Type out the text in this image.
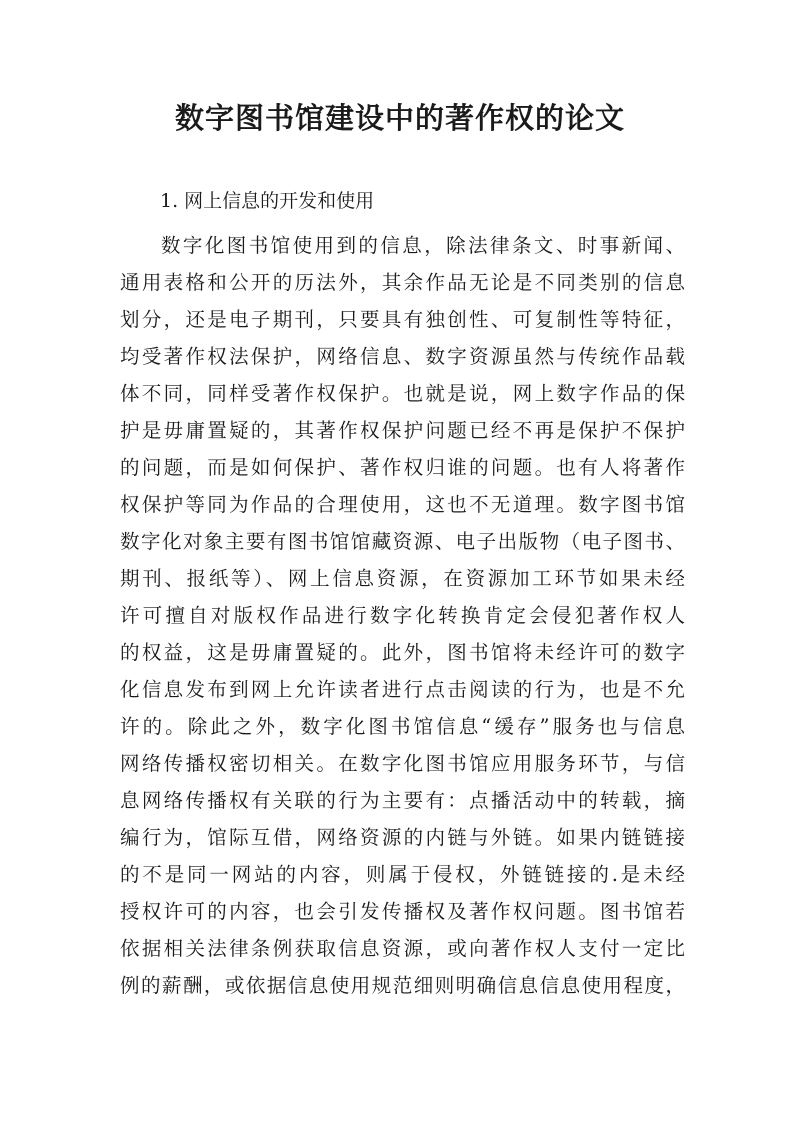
数字图书馆建设中的著作权的论文

1. 网上信息的开发和使用

数字化图书馆使用到的信息，除法律条文、时事新闻、
通用表格和公开的历法外，其余作品无论是不同类别的信息
划分，还是电子期刊，只要具有独创性、可复制性等特征，
均受著作权法保护，网络信息、数字资源虽然与传统作品载
体不同，同样受著作权保护。也就是说，网上数字作品的保
护是毋庸置疑的，其著作权保护问题已经不再是保护不保护
的问题，而是如何保护、著作权归谁的问题。也有人将著作
权保护等同为作品的合理使用，这也不无道理。数字图书馆
数字化对象主要有图书馆馆藏资源、电子出版物（电子图书、
期刊、报纸等）、网上信息资源，在资源加工环节如果未经
许可擅自对版权作品进行数字化转换肯定会侵犯著作权人
的权益，这是毋庸置疑的。此外，图书馆将未经许可的数字
化信息发布到网上允许读者进行点击阅读的行为，也是不允
许的。除此之外，数字化图书馆信息“缓存”服务也与信息
网络传播权密切相关。在数字化图书馆应用服务环节，与信
息网络传播权有关联的行为主要有：点播活动中的转载，摘
编行为，馆际互借，网络资源的内链与外链。如果内链链接
的不是同一网站的内容，则属于侵权，外链链接的.是未经
授权许可的内容，也会引发传播权及著作权问题。图书馆若
依据相关法律条例获取信息资源，或向著作权人支付一定比
例的薪酬，或依据信息使用规范细则明确信息信息使用程度，
